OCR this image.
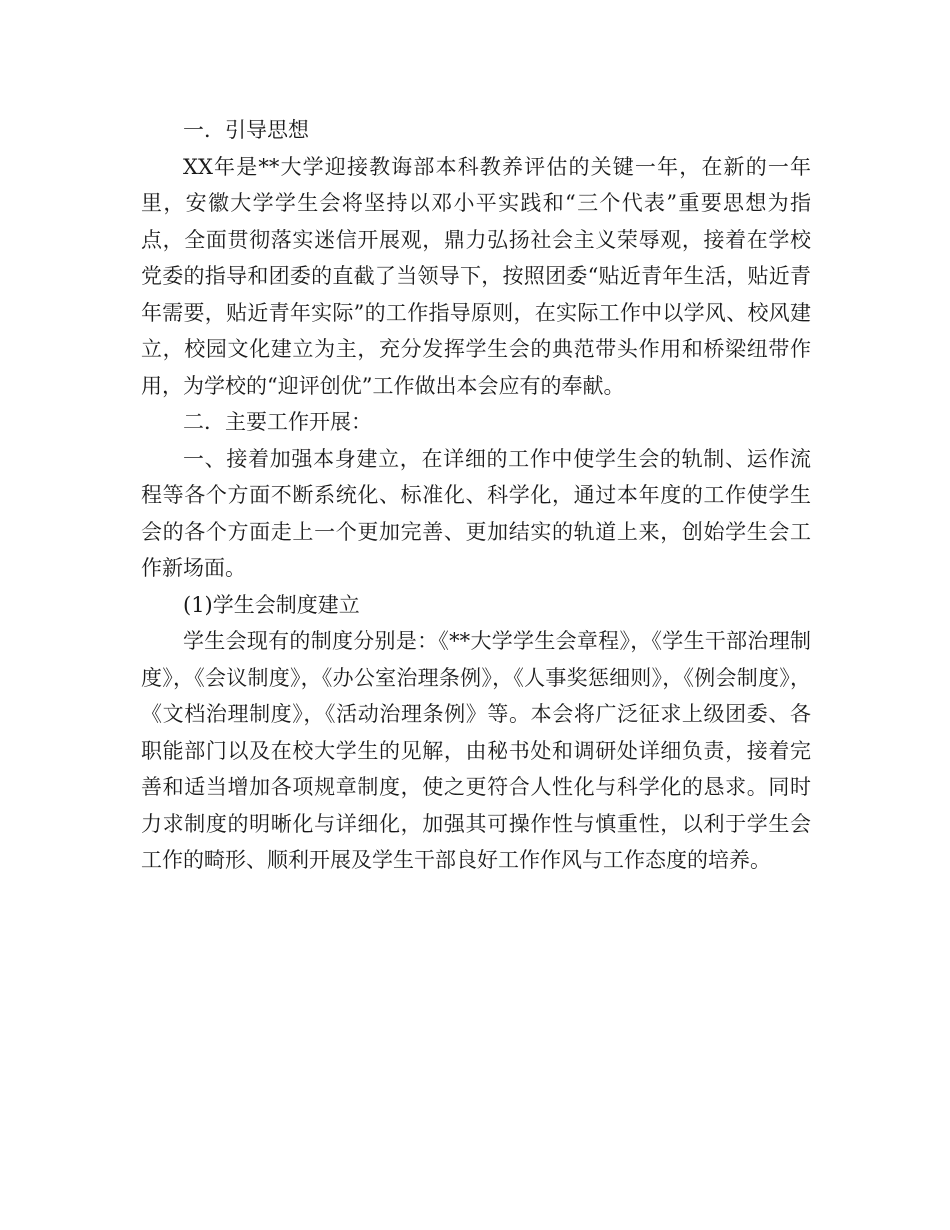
一．引导思想

XX年是**大学迎接教诲部本科教养评估的关键一年，在新的一年里，安徽大学学生会将坚持以邓小平实践和“三个代表”重要思想为指点，全面贯彻落实迷信开展观，鼎力弘扬社会主义荣辱观，接着在学校党委的指导和团委的直截了当领导下，按照团委“贴近青年生活，贴近青年需要，贴近青年实际”的工作指导原则，在实际工作中以学风、校风建立，校园文化建立为主，充分发挥学生会的典范带头作用和桥梁纽带作用，为学校的“迎评创优”工作做出本会应有的奉献。

二．主要工作开展：

一、接着加强本身建立，在详细的工作中使学生会的轨制、运作流程等各个方面不断系统化、标准化、科学化，通过本年度的工作使学生会的各个方面走上一个更加完善、更加结实的轨道上来，创始学生会工作新场面。

(1)学生会制度建立

学生会现有的制度分别是：《**大学学生会章程》，《学生干部治理制度》，《会议制度》，《办公室治理条例》，《人事奖惩细则》，《例会制度》，《文档治理制度》，《活动治理条例》等。本会将广泛征求上级团委、各职能部门以及在校大学生的见解，由秘书处和调研处详细负责，接着完善和适当增加各项规章制度，使之更符合人性化与科学化的恳求。同时力求制度的明晰化与详细化，加强其可操作性与慎重性，以利于学生会工作的畸形、顺利开展及学生干部良好工作作风与工作态度的培养。
